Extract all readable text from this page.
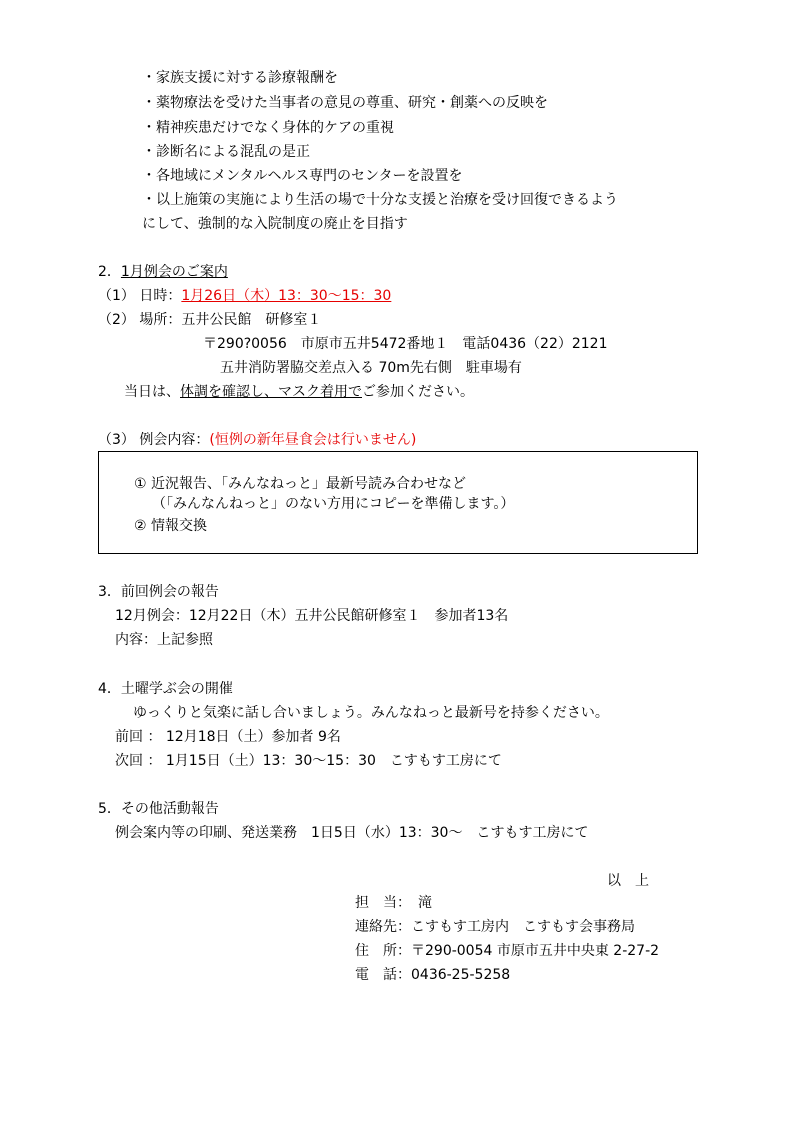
・家族支援に対する診療報酬を
・薬物療法を受けた当事者の意見の尊重、研究・創薬への反映を
・精神疾患だけでなく身体的ケアの重視
・診断名による混乱の是正
・各地域にメンタルヘルス専門のセンターを設置を
・以上施策の実施により生活の場で十分な支援と治療を受け回復できるよう
にして、強制的な入院制度の廃止を目指す
2．1月例会のご案内
（1） 日時：1月26日（木）13：30～15：30
（2） 場所：五井公民館　研修室１
〒290?0056　市原市五井5472番地１　電話0436（22）2121
五井消防署脇交差点入る 70m先右側　駐車場有
当日は、体調を確認し、マスク着用でご参加ください。
（3） 例会内容：(恒例の新年昼食会は行いません)
① 近況報告、「みんなねっと」最新号読み合わせなど
（「みんなんねっと」のない方用にコピーを準備します。）
② 情報交換
3．前回例会の報告
12月例会：12月22日（木）五井公民館研修室１　参加者13名
内容：上記参照
4．土曜学ぶ会の開催
ゆっくりと気楽に話し合いましょう。みんなねっと最新号を持参ください。
前回 ： 12月18日（土）参加者 9名
次回 ： 1月15日（土）13：30～15：30　こすもす工房にて
5．その他活動報告
例会案内等の印刷、発送業務　1日5日（水）13：30～　こすもす工房にて
以　上
担　当：　滝
連絡先：こすもす工房内　こすもす会事務局
住　所：〒290-0054 市原市五井中央東 2-27-2
電　話：0436-25-5258
